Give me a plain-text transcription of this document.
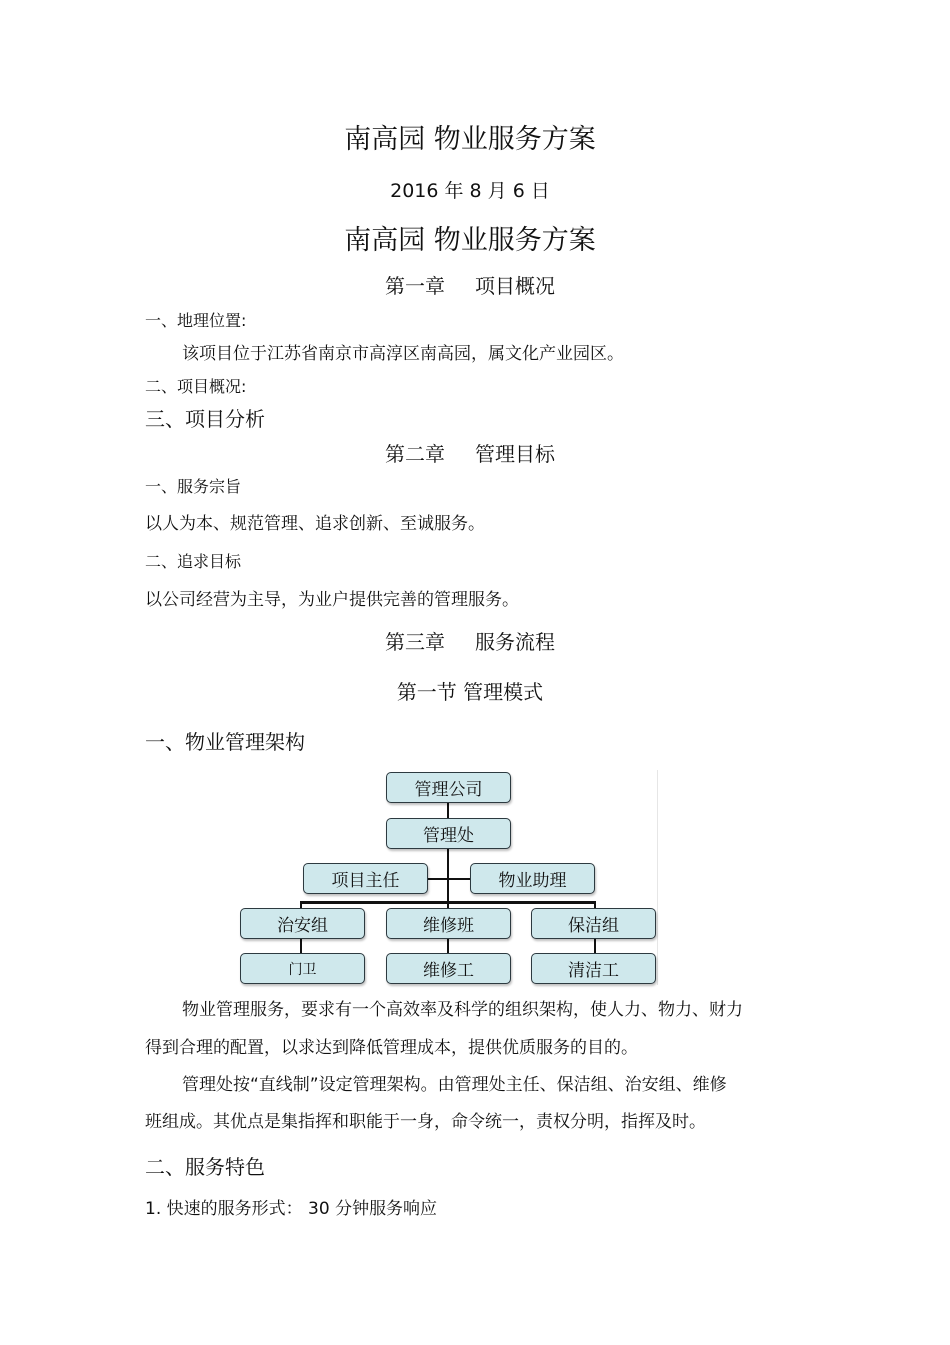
南高园 物业服务方案
2016 年 8 月 6 日
南高园 物业服务方案
第一章 项目概况
一、地理位置:
该项目位于江苏省南京市高淳区南高园，属文化产业园区。
二、项目概况:
三、项目分析
第二章 管理目标
一、服务宗旨
以人为本、规范管理、追求创新、至诚服务。
二、追求目标
以公司经营为主导，为业户提供完善的管理服务。
第三章 服务流程
第一节 管理模式
一、物业管理架构
管理公司
管理处
项目主任	物业助理
治安组	维修班	保洁组
门卫	维修工	清洁工
物业管理服务，要求有一个高效率及科学的组织架构，使人力、物力、财力
得到合理的配置，以求达到降低管理成本，提供优质服务的目的。
管理处按“直线制”设定管理架构。由管理处主任、保洁组、治安组、维修
班组成。其优点是集指挥和职能于一身，命令统一，责权分明，指挥及时。
二、服务特色
1. 快速的服务形式： 30 分钟服务响应
